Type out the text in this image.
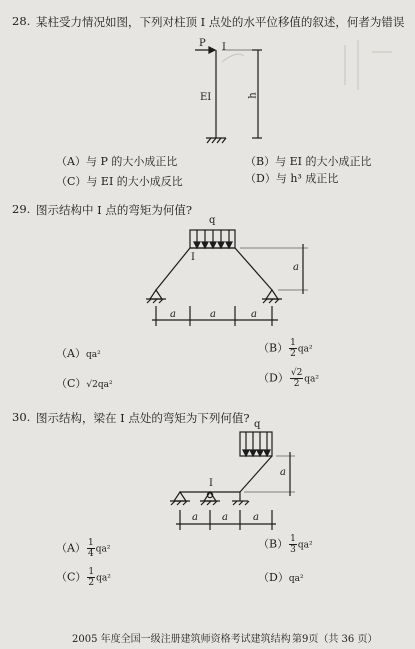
28. 某柱受力情况如图，下列对柱顶 I 点处的水平位移值的叙述，何者为错误
P I
EI	h
（A）与 P 的大小成正比	（B）与 EI 的大小成正比
（C）与 EI 的大小成反比	（D）与 h³ 成正比
29. 图示结构中 I 点的弯矩为何值?
q
I
a	a	a
a
（A）qa²
$(B) \frac{1}{2} qa^2$
（C）√2qa²
$(D) \frac{√2}{2} qa^2$
30. 图示结构，梁在 I 点处的弯矩为下列何值? q
I
a a	a
a
$(A) \frac{1}{4} qa^2$	$(B) \frac{1}{3} qa^2$
$(C) \frac{1}{2} qa^2$	（D）qa²
2005 年度全国一级注册建筑师资格考试建筑结构 第9页（共 36 页）
